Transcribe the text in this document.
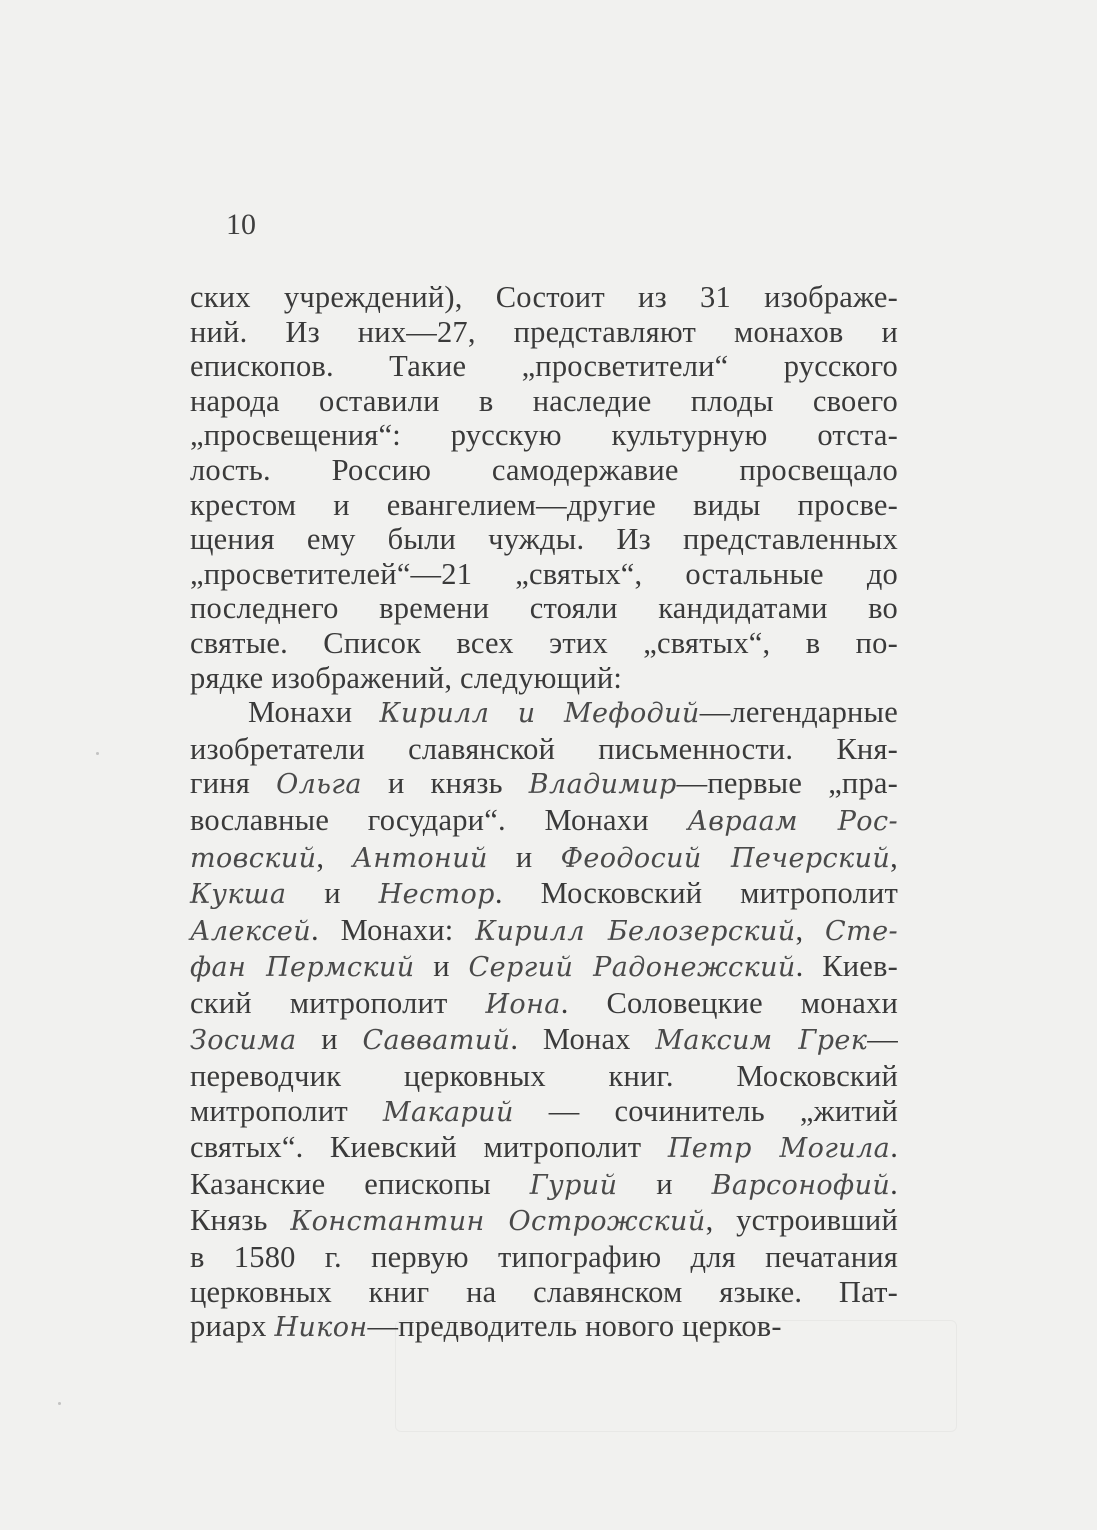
10
ских учреждений), Состоит из 31 изображе-
ний. Из них—27, представляют монахов и
епископов. Такие „просветители“ русского
народа оставили в наследие плоды своего
„просвещения“: русскую культурную отста-
лость. Россию самодержавие просвещало
крестом и евангелием—другие виды просве-
щения ему были чужды. Из представленных
„просветителей“—21 „святых“, остальные до
последнего времени стояли кандидатами во
святые. Список всех этих „святых“, в по-
рядке изображений, следующий:
Монахи Кирилл и Мефодий—легендарные
изобретатели славянской письменности. Кня-
гиня Ольга и князь Владимир—первые „пра-
вославные государи“. Монахи Авраам Рос-
товский, Антоний и Феодосий Печерский,
Кукша и Нестор. Московский митрополит
Алексей. Монахи: Кирилл Белозерский, Сте-
фан Пермский и Сергий Радонежский. Киев-
ский митрополит Иона. Соловецкие монахи
Зосима и Савватий. Монах Максим Грек—
переводчик церковных книг. Московский
митрополит Макарий — сочинитель „житий
святых“. Киевский митрополит Петр Могила.
Казанские епископы Гурий и Варсонофий.
Князь Константин Острожский, устроивший
в 1580 г. первую типографию для печатания
церковных книг на славянском языке. Пат-
риарх Никон—предводитель нового церков-
